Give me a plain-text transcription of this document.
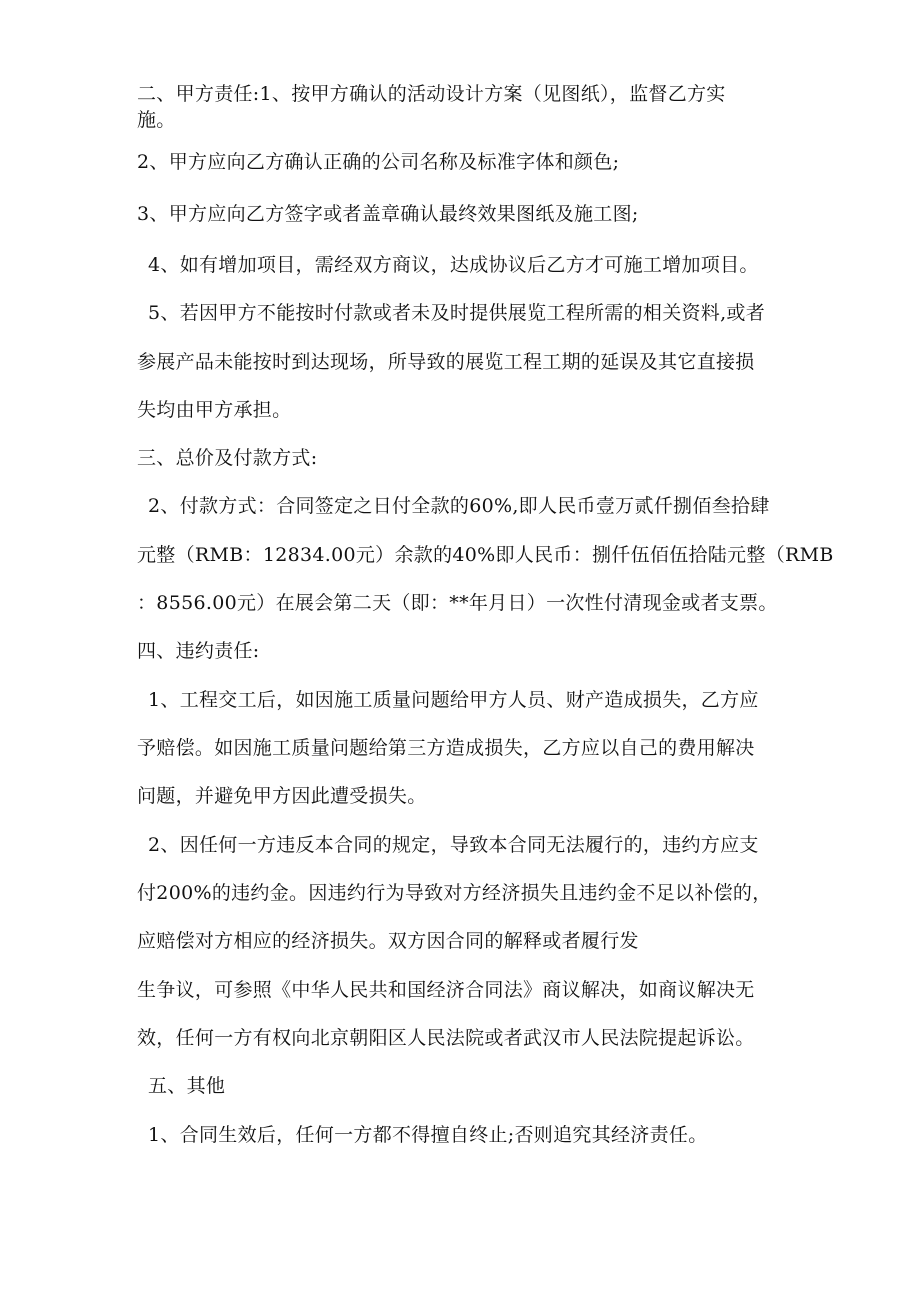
二、甲方责任:1、按甲方确认的活动设计方案（见图纸），监督乙方实
施。
2、甲方应向乙方确认正确的公司名称及标准字体和颜色;
3、甲方应向乙方签字或者盖章确认最终效果图纸及施工图;
4、如有增加项目，需经双方商议，达成协议后乙方才可施工增加项目。
5、若因甲方不能按时付款或者未及时提供展览工程所需的相关资料,或者
参展产品未能按时到达现场，所导致的展览工程工期的延误及其它直接损
失均由甲方承担。
三、总价及付款方式:
2、付款方式：合同签定之日付全款的60%,即人民币壹万贰仟捌佰叁拾肆
元整（RMB：12834.00元）余款的40%即人民币：捌仟伍佰伍拾陆元整（RMB
：8556.00元）在展会第二天（即：**年月日）一次性付清现金或者支票。
四、违约责任:
1、工程交工后，如因施工质量问题给甲方人员、财产造成损失，乙方应
予赔偿。如因施工质量问题给第三方造成损失，乙方应以自己的费用解决
问题，并避免甲方因此遭受损失。
2、因任何一方违反本合同的规定，导致本合同无法履行的，违约方应支
付200%的违约金。因违约行为导致对方经济损失且违约金不足以补偿的，
应赔偿对方相应的经济损失。双方因合同的解释或者履行发
生争议，可参照《中华人民共和国经济合同法》商议解决，如商议解决无
效，任何一方有权向北京朝阳区人民法院或者武汉市人民法院提起诉讼。
五、其他
1、合同生效后，任何一方都不得擅自终止;否则追究其经济责任。
